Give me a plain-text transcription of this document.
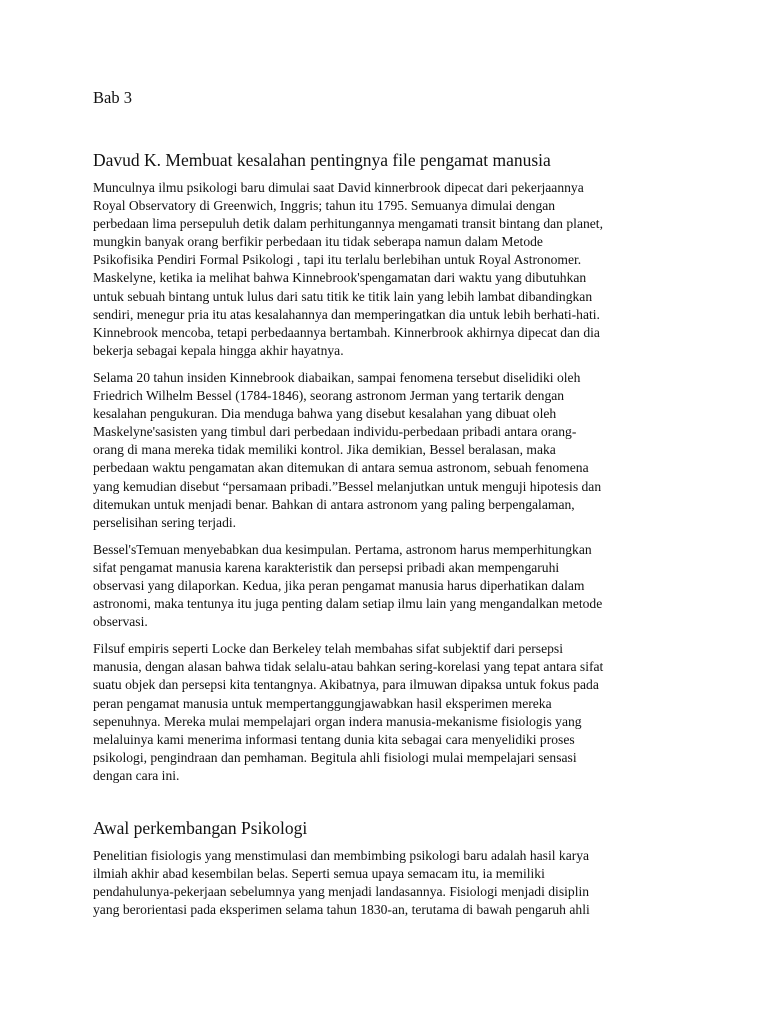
Bab 3
Davud K. Membuat kesalahan pentingnya file pengamat manusia

Munculnya ilmu psikologi baru dimulai saat David kinnerbrook dipecat dari pekerjaannya
Royal Observatory di Greenwich, Inggris; tahun itu 1795. Semuanya dimulai dengan
perbedaan lima persepuluh detik dalam perhitungannya mengamati transit bintang dan planet,
mungkin banyak orang berfikir perbedaan itu tidak seberapa namun dalam Metode
Psikofisika Pendiri Formal Psikologi , tapi itu terlalu berlebihan untuk Royal Astronomer.
Maskelyne, ketika ia melihat bahwa Kinnebrook'spengamatan dari waktu yang dibutuhkan
untuk sebuah bintang untuk lulus dari satu titik ke titik lain yang lebih lambat dibandingkan
sendiri, menegur pria itu atas kesalahannya dan memperingatkan dia untuk lebih berhati-hati.
Kinnebrook mencoba, tetapi perbedaannya bertambah. Kinnerbrook akhirnya dipecat dan dia
bekerja sebagai kepala hingga akhir hayatnya.

Selama 20 tahun insiden Kinnebrook diabaikan, sampai fenomena tersebut diselidiki oleh
Friedrich Wilhelm Bessel (1784-1846), seorang astronom Jerman yang tertarik dengan
kesalahan pengukuran. Dia menduga bahwa yang disebut kesalahan yang dibuat oleh
Maskelyne'sasisten yang timbul dari perbedaan individu-perbedaan pribadi antara orang-
orang di mana mereka tidak memiliki kontrol. Jika demikian, Bessel beralasan, maka
perbedaan waktu pengamatan akan ditemukan di antara semua astronom, sebuah fenomena
yang kemudian disebut “persamaan pribadi.”Bessel melanjutkan untuk menguji hipotesis dan
ditemukan untuk menjadi benar. Bahkan di antara astronom yang paling berpengalaman,
perselisihan sering terjadi.

Bessel'sTemuan menyebabkan dua kesimpulan. Pertama, astronom harus memperhitungkan
sifat pengamat manusia karena karakteristik dan persepsi pribadi akan mempengaruhi
observasi yang dilaporkan. Kedua, jika peran pengamat manusia harus diperhatikan dalam
astronomi, maka tentunya itu juga penting dalam setiap ilmu lain yang mengandalkan metode
observasi.

Filsuf empiris seperti Locke dan Berkeley telah membahas sifat subjektif dari persepsi
manusia, dengan alasan bahwa tidak selalu-atau bahkan sering-korelasi yang tepat antara sifat
suatu objek dan persepsi kita tentangnya. Akibatnya, para ilmuwan dipaksa untuk fokus pada
peran pengamat manusia untuk mempertanggungjawabkan hasil eksperimen mereka
sepenuhnya. Mereka mulai mempelajari organ indera manusia-mekanisme fisiologis yang
melaluinya kami menerima informasi tentang dunia kita sebagai cara menyelidiki proses
psikologi, pengindraan dan pemhaman. Begitula ahli fisiologi mulai mempelajari sensasi
dengan cara ini.

Awal perkembangan Psikologi

Penelitian fisiologis yang menstimulasi dan membimbing psikologi baru adalah hasil karya
ilmiah akhir abad kesembilan belas. Seperti semua upaya semacam itu, ia memiliki
pendahulunya-pekerjaan sebelumnya yang menjadi landasannya. Fisiologi menjadi disiplin
yang berorientasi pada eksperimen selama tahun 1830-an, terutama di bawah pengaruh ahli
